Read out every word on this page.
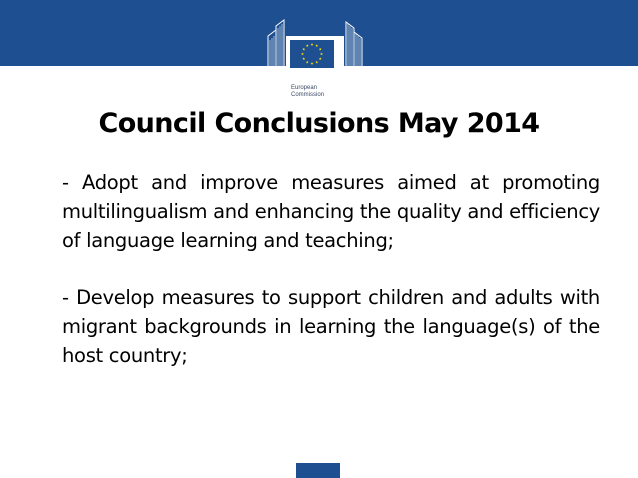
European
Commission
Council Conclusions May 2014

- Adopt and improve measures aimed at promoting multilingualism and enhancing the quality and efficiency of language learning and teaching;

- Develop measures to support children and adults with migrant backgrounds in learning the language(s) of the host country;
